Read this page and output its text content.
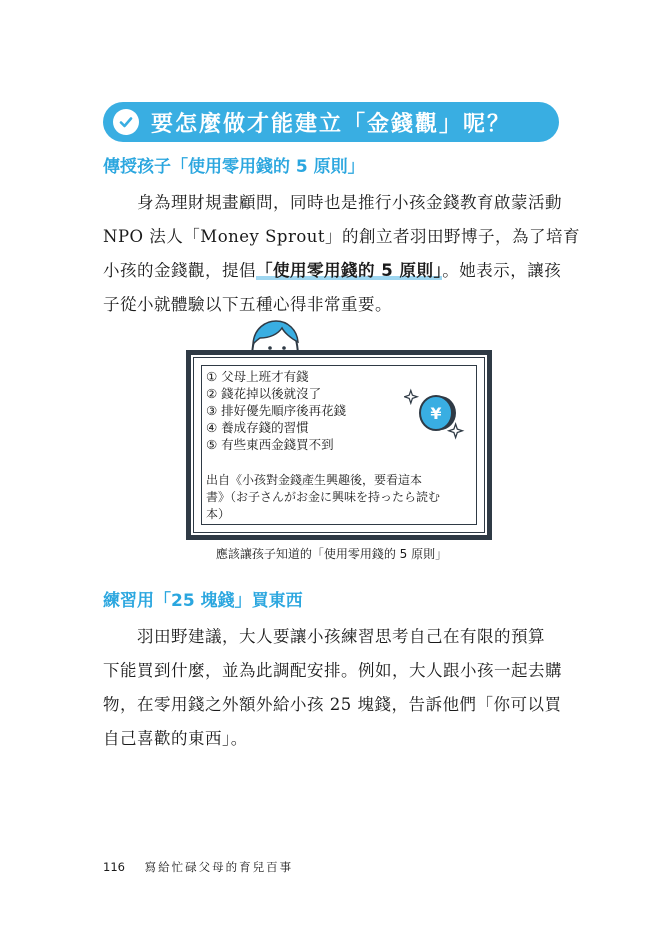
要怎麼做才能建立「金錢觀」呢？
傳授孩子「使用零用錢的 5 原則」

身為理財規畫顧問，同時也是推行小孩金錢教育啟蒙活動
NPO 法人「Money Sprout」的創立者羽田野博子，為了培育
小孩的金錢觀，提倡「使用零用錢的 5 原則」。她表示，讓孩
子從小就體驗以下五種心得非常重要。

① 父母上班才有錢
② 錢花掉以後就沒了
③ 排好優先順序後再花錢
④ 養成存錢的習慣
⑤ 有些東西金錢買不到
¥
出自《小孩對金錢產生興趣後，要看這本
書》（お子さんがお金に興味を持ったら読む
本）
應該讓孩子知道的「使用零用錢的 5 原則」
練習用「25 塊錢」買東西

羽田野建議，大人要讓小孩練習思考自己在有限的預算
下能買到什麼，並為此調配安排。例如，大人跟小孩一起去購
物，在零用錢之外額外給小孩 25 塊錢，告訴他們「你可以買
自己喜歡的東西」。

116 寫給忙碌父母的育兒百事
